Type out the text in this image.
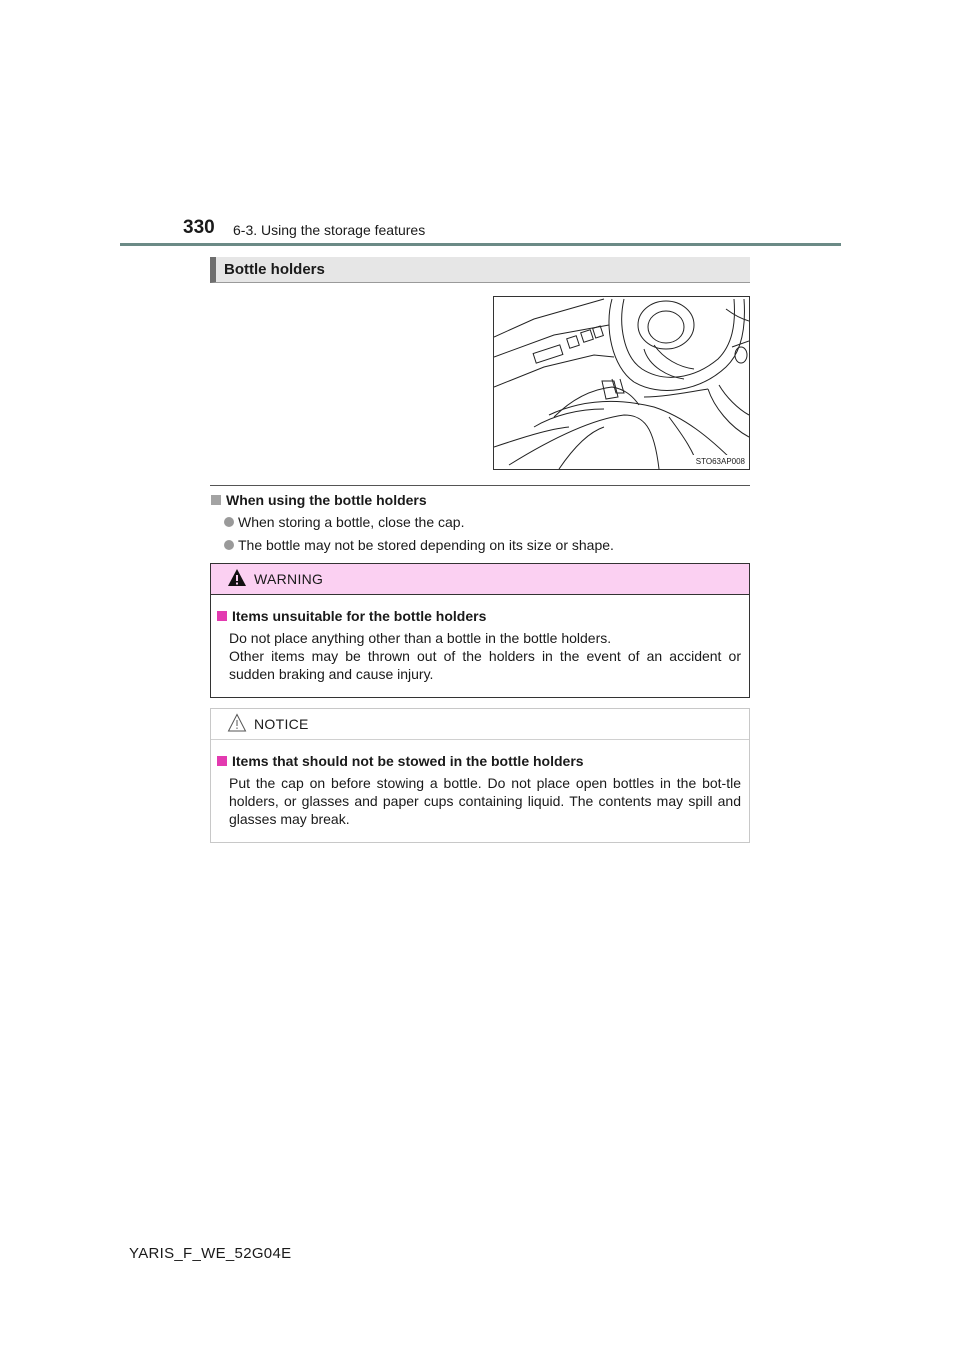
330 6-3. Using the storage features
Bottle holders
STO63AP008
When using the bottle holders
When storing a bottle, close the cap.
The bottle may not be stored depending on its size or shape.
WARNING
Items unsuitable for the bottle holders
Do not place anything other than a bottle in the bottle holders.
Other items may be thrown out of the holders in the event of an accident or sudden braking and cause injury.
NOTICE
Items that should not be stowed in the bottle holders
Put the cap on before stowing a bottle. Do not place open bottles in the bot-tle holders, or glasses and paper cups containing liquid. The contents may spill and glasses may break.
YARIS_F_WE_52G04E
